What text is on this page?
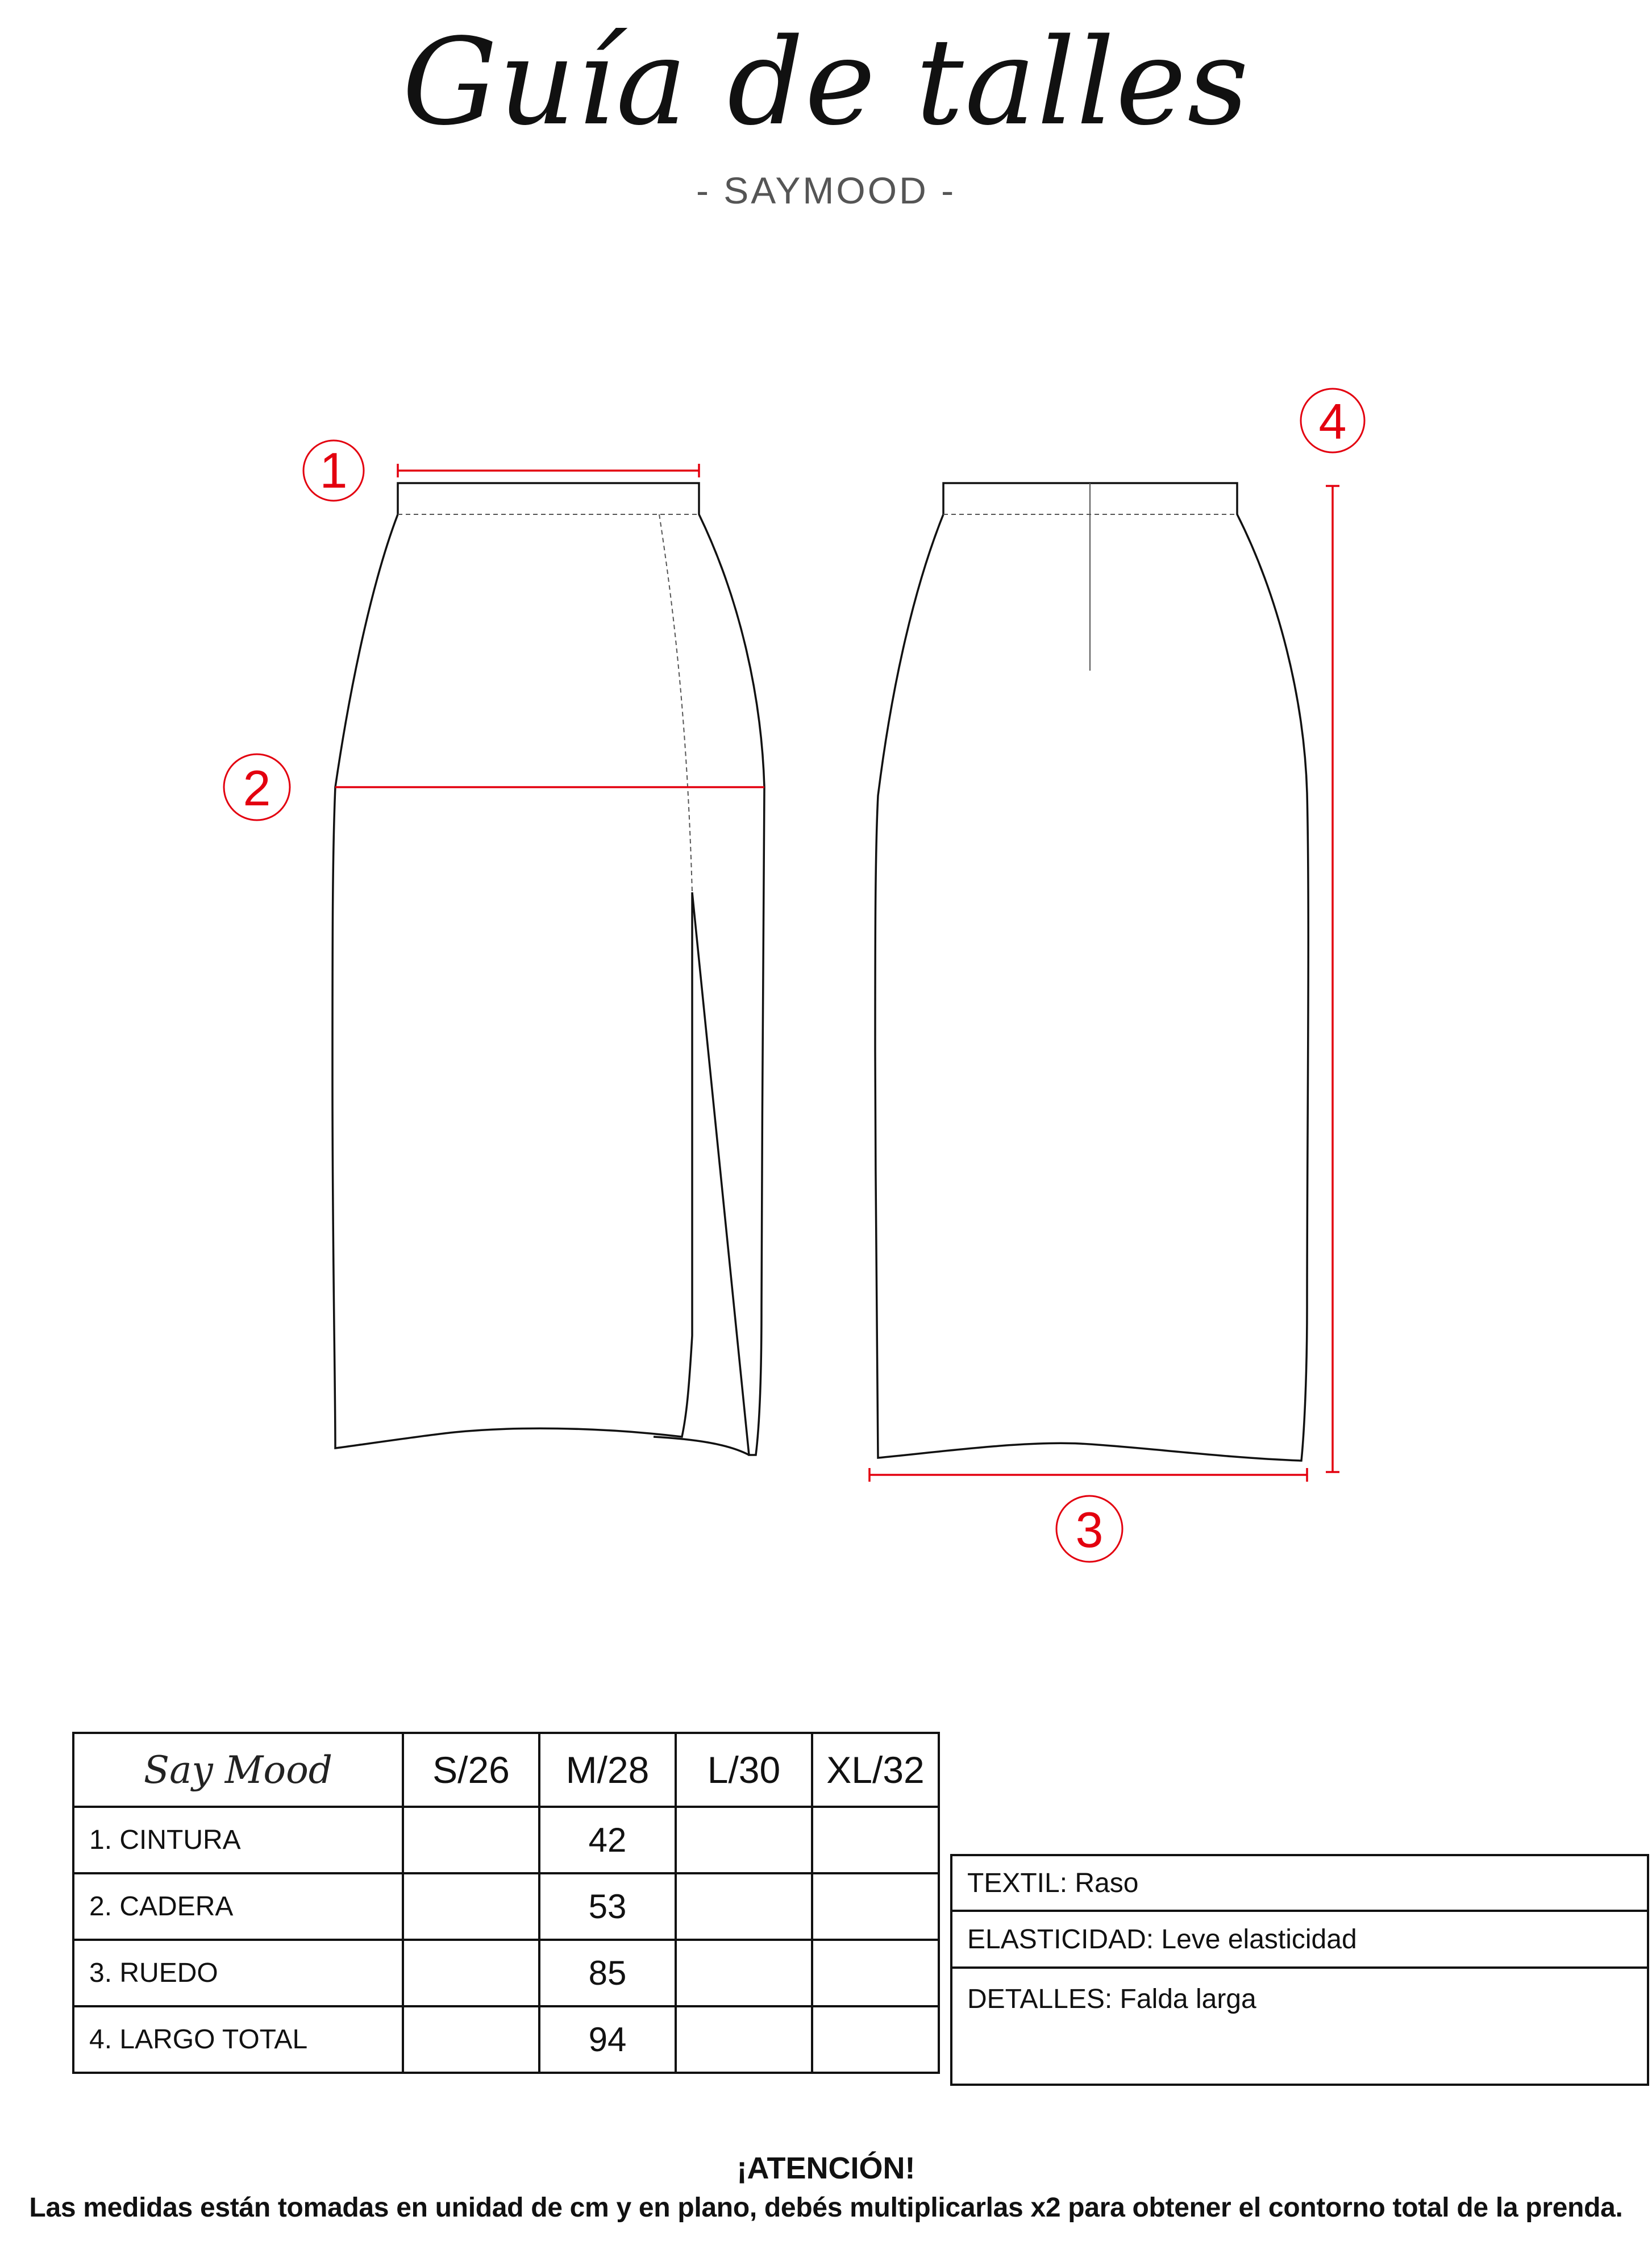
Guía de talles
- SAYMOOD -
1
2
3
4
Say Mood	S/26	M/28	L/30	XL/32
1. CINTURA		42		
2. CADERA		53		
3. RUEDO		85		
4. LARGO TOTAL		94		
TEXTIL: Raso
ELASTICIDAD: Leve elasticidad
DETALLES: Falda larga
¡ATENCIÓN!
Las medidas están tomadas en unidad de cm y en plano, debés multiplicarlas x2 para obtener el contorno total de la prenda.
